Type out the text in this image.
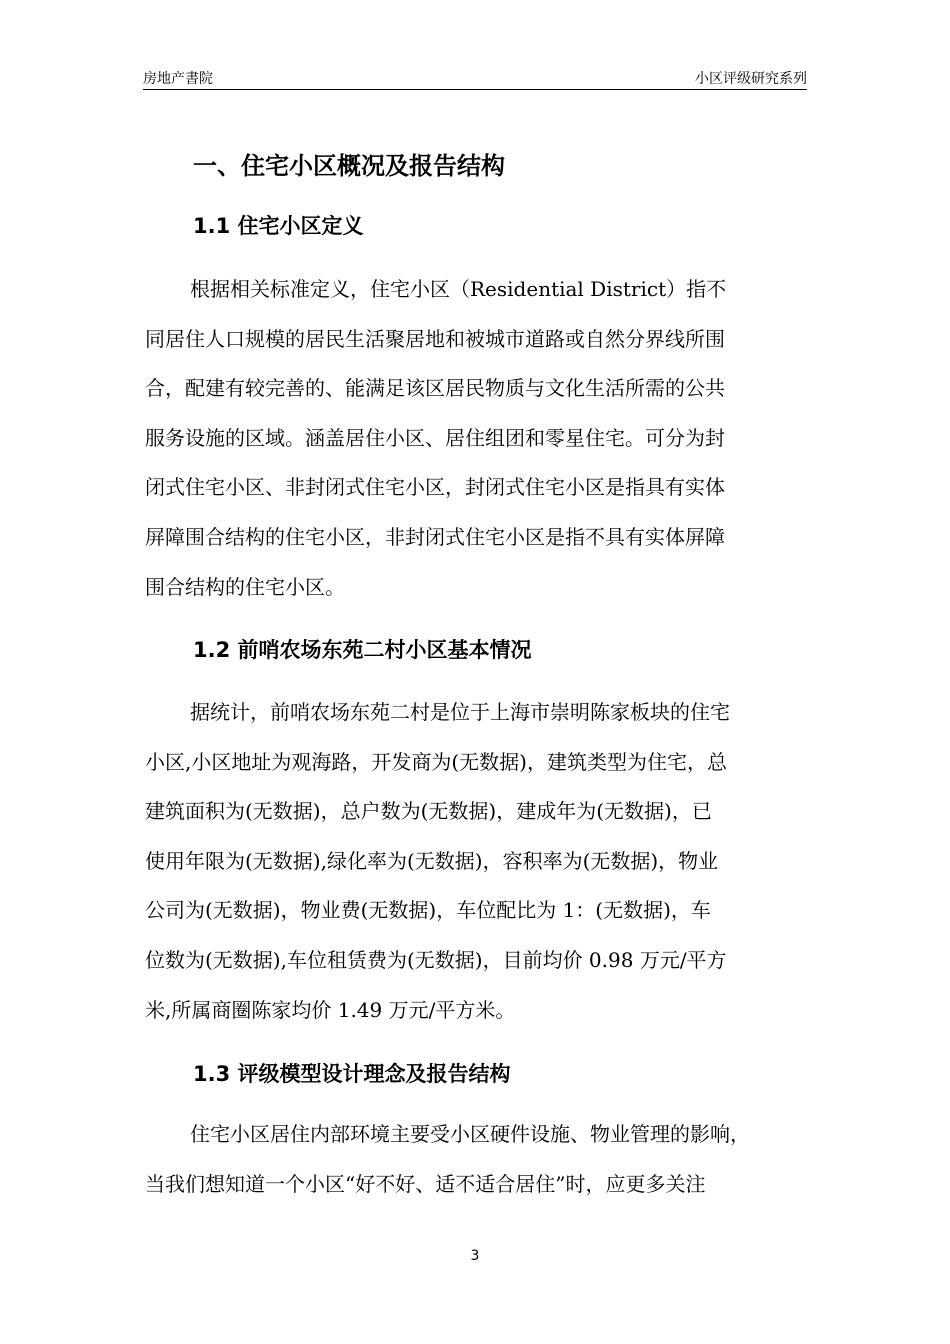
房地产書院	小区评级研究系列
一、住宅小区概况及报告结构
1.1 住宅小区定义
根据相关标准定义，住宅小区（Residential District）指不
同居住人口规模的居民生活聚居地和被城市道路或自然分界线所围
合，配建有较完善的、能满足该区居民物质与文化生活所需的公共
服务设施的区域。涵盖居住小区、居住组团和零星住宅。可分为封
闭式住宅小区、非封闭式住宅小区，封闭式住宅小区是指具有实体
屏障围合结构的住宅小区，非封闭式住宅小区是指不具有实体屏障
围合结构的住宅小区。
1.2 前哨农场东苑二村小区基本情况
据统计，前哨农场东苑二村是位于上海市崇明陈家板块的住宅
小区,小区地址为观海路，开发商为(无数据)，建筑类型为住宅，总
建筑面积为(无数据)，总户数为(无数据)，建成年为(无数据)，已
使用年限为(无数据),绿化率为(无数据)，容积率为(无数据)，物业
公司为(无数据)，物业费(无数据)，车位配比为 1：(无数据)，车
位数为(无数据),车位租赁费为(无数据)，目前均价 0.98 万元/平方
米,所属商圈陈家均价 1.49 万元/平方米。
1.3 评级模型设计理念及报告结构
住宅小区居住内部环境主要受小区硬件设施、物业管理的影响，
当我们想知道一个小区“好不好、适不适合居住”时，应更多关注
3
